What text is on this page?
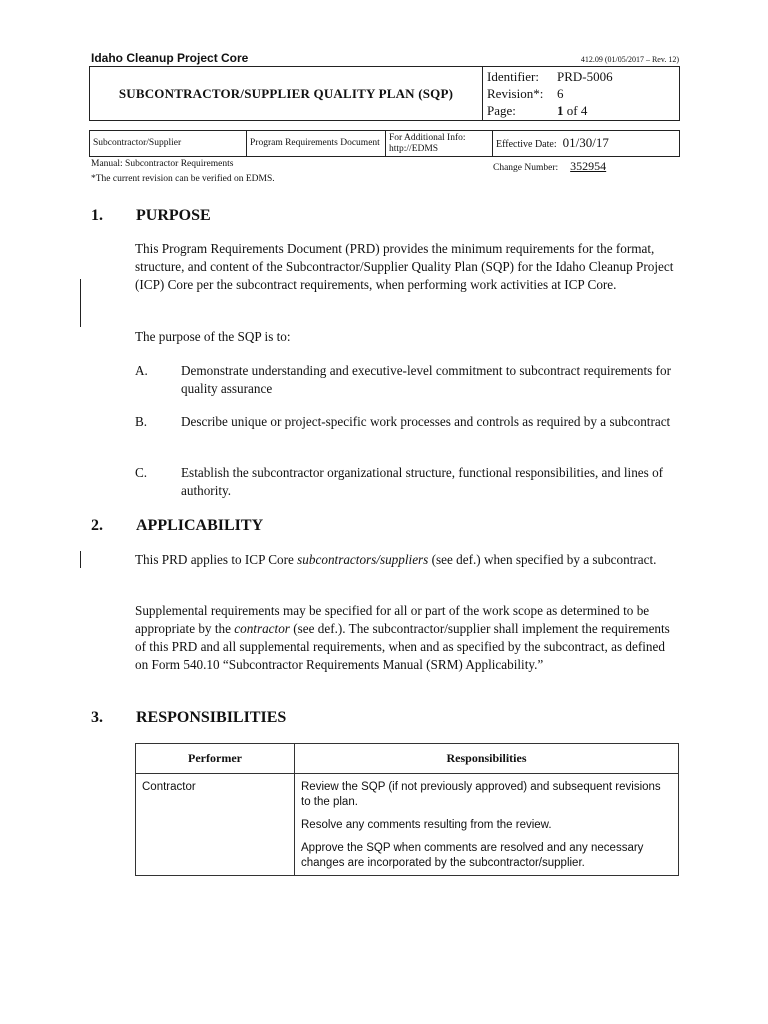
Idaho Cleanup Project Core	412.09 (01/05/2017 – Rev. 12)
SUBCONTRACTOR/SUPPLIER QUALITY PLAN (SQP)	
Identifier: PRD-5006
Revision*: 6
Page:	1 of 4
Subcontractor/Supplier	Program Requirements Document	For Additional Info: http://EDMS	Effective Date: 01/30/17
Manual: Subcontractor Requirements
*The current revision can be verified on EDMS.
Change Number: 352954
1. PURPOSE
This Program Requirements Document (PRD) provides the minimum requirements for the format, structure, and content of the Subcontractor/Supplier Quality Plan (SQP) for the Idaho Cleanup Project (ICP) Core per the subcontract requirements, when performing work activities at ICP Core.
The purpose of the SQP is to:
A.	Demonstrate understanding and executive-level commitment to subcontract requirements for quality assurance
B.	Describe unique or project-specific work processes and controls as required by a subcontract
C.	Establish the subcontractor organizational structure, functional responsibilities, and lines of authority.
2. APPLICABILITY
This PRD applies to ICP Core subcontractors/suppliers (see def.) when specified by a subcontract.
Supplemental requirements may be specified for all or part of the work scope as determined to be appropriate by the contractor (see def.). The subcontractor/supplier shall implement the requirements of this PRD and all supplemental requirements, when and as specified by the subcontract, as defined on Form 540.10 “Subcontractor Requirements Manual (SRM) Applicability.”
3. RESPONSIBILITIES
Performer	Responsibilities
Contractor	Review the SQP (if not previously approved) and subsequent revisions to the plan.

Resolve any comments resulting from the review.

Approve the SQP when comments are resolved and any necessary changes are incorporated by the subcontractor/supplier.
